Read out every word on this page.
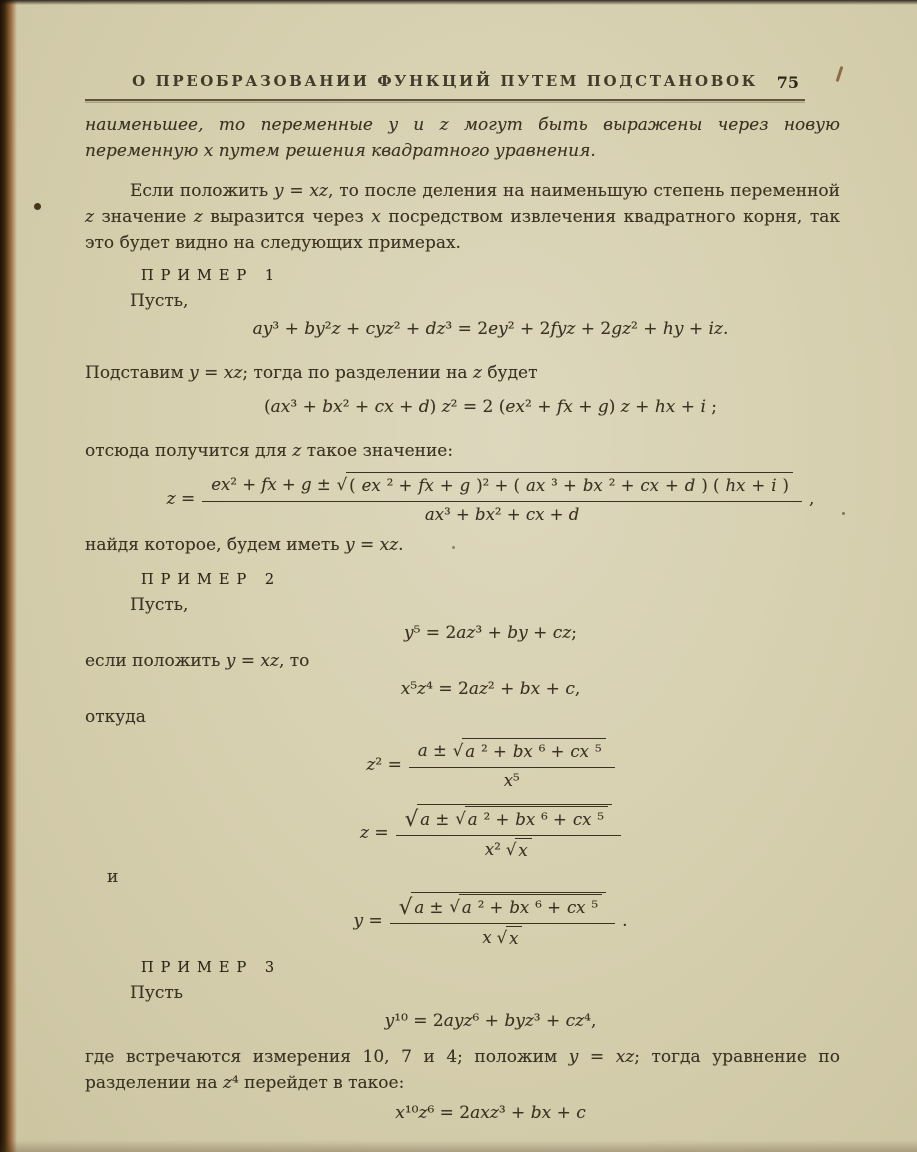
О ПРЕОБРАЗОВАНИИ ФУНКЦИЙ ПУТЕМ ПОДСТАНОВОК	75

наименьшее, то переменные y и z могут быть выражены через новую переменную x путем решения квадратного уравнения.

Если положить y = xz, то после деления на наименьшую степень переменной z значение z выразится через x посредством извлечения квадратного корня, так это будет видно на следующих примерах.

ПРИМЕР 1

Пусть,

ay³ + by²z + cyz² + dz³ = 2ey² + 2fyz + 2gz² + hy + iz.

Подставим y = xz; тогда по разделении на z будет

(ax³ + bx² + cx + d) z² = 2 (ex² + fx + g) z + hx + i ;

отсюда получится для z такое значение:

z =
ex² + fx + g ± √ ( ex ² + fx + g )² + ( ax ³ + bx ² + cx + d ) ( hx + i )
ax³ + bx² + cx + d
,

найдя которое, будем иметь y = xz.

ПРИМЕР 2

Пусть,

y⁵ = 2az³ + by + cz;

если положить y = xz, то

x⁵z⁴ = 2az² + bx + c,

откуда

$z^2 = \frac{\text{a ± √ a ² + bx ⁶ + cx ⁵}}{\text{x⁵}}$
z =
√ a ± √ a ² + bx ⁶ + cx ⁵
x² √ x

и

y =
√ a ± √ a ² + bx ⁶ + cx ⁵
x √ x
.

ПРИМЕР 3

Пусть

y¹⁰ = 2ayz⁶ + byz³ + cz⁴,

где встречаются измерения 10, 7 и 4; положим y = xz; тогда уравнение по разделении на z⁴ перейдет в такое:

x¹⁰z⁶ = 2axz³ + bx + c
